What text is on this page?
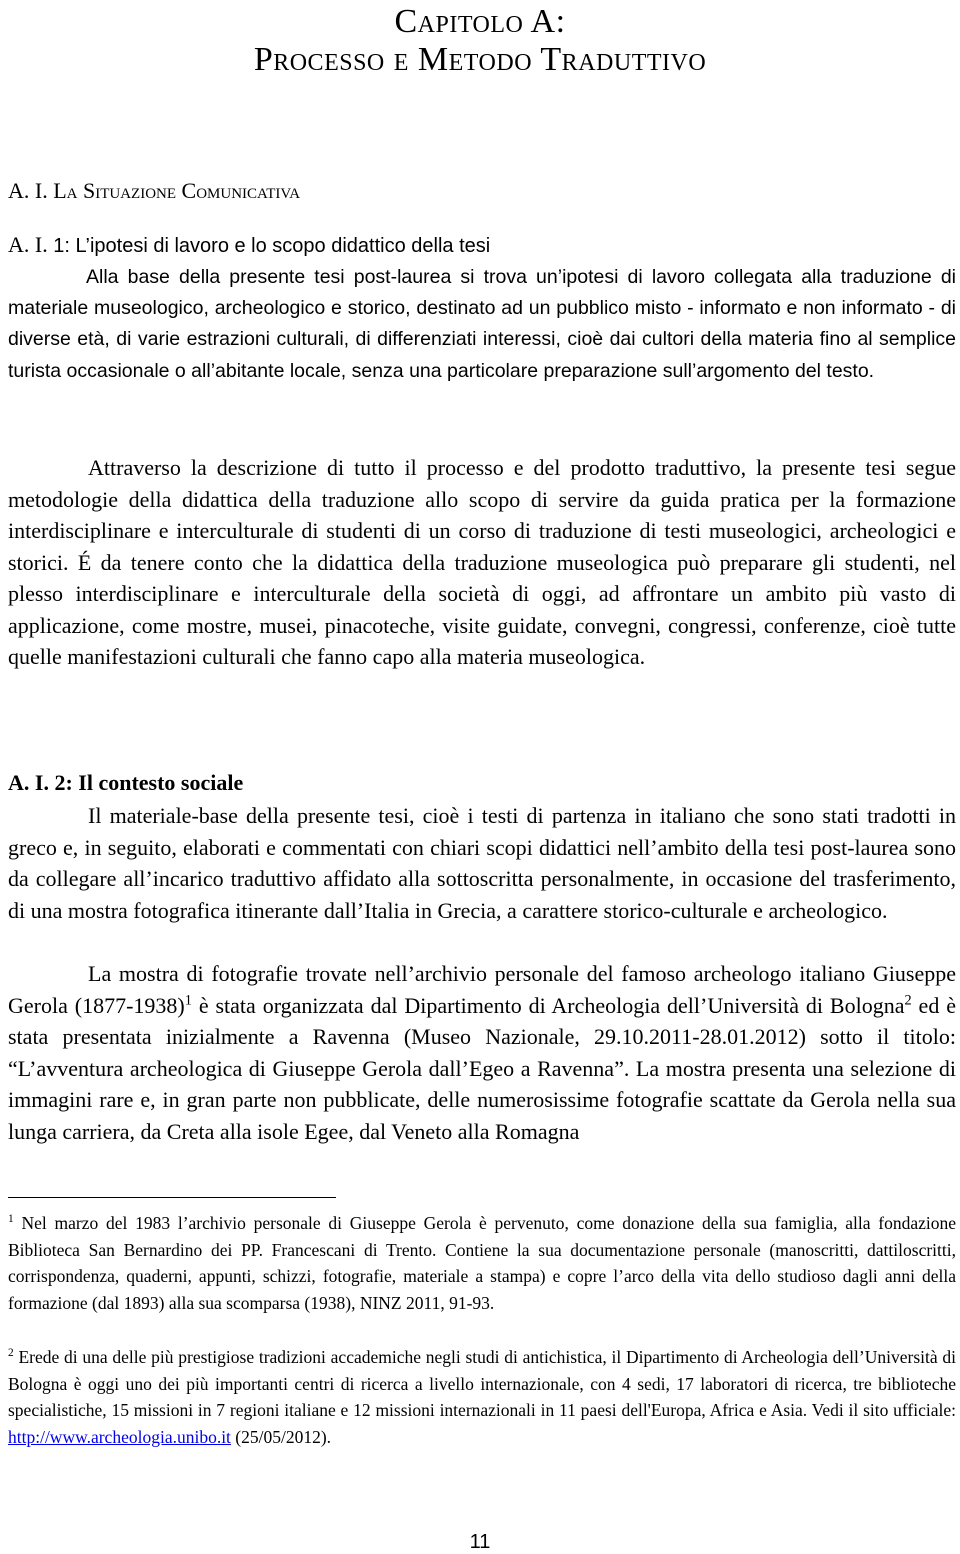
Capitolo A:
Processo e Metodo Traduttivo
A. I. La Situazione Comunicativa
A. I. 1: L’ipotesi di lavoro e lo scopo didattico della tesi
Alla base della presente tesi post-laurea si trova un’ipotesi di lavoro collegata alla traduzione di materiale museologico, archeologico e storico, destinato ad un pubblico misto - informato e non informato - di diverse età, di varie estrazioni culturali, di differenziati interessi, cioè dai cultori della materia fino al semplice turista occasionale o all’abitante locale, senza una particolare preparazione sull’argomento del testo.
Attraverso la descrizione di tutto il processo e del prodotto traduttivo, la presente tesi segue metodologie della didattica della traduzione allo scopo di servire da guida pratica per la formazione interdisciplinare e interculturale di studenti di un corso di traduzione di testi museologici, archeologici e storici. É da tenere conto che la didattica della traduzione museologica può preparare gli studenti, nel plesso interdisciplinare e interculturale della società di oggi, ad affrontare un ambito più vasto di applicazione, come mostre, musei, pinacoteche, visite guidate, convegni, congressi, conferenze, cioè tutte quelle manifestazioni culturali che fanno capo alla materia museologica.
A. I. 2: Il contesto sociale
Il materiale-base della presente tesi, cioè i testi di partenza in italiano che sono stati tradotti in greco e, in seguito, elaborati e commentati con chiari scopi didattici nell’ambito della tesi post-laurea sono da collegare all’incarico traduttivo affidato alla sottoscritta personalmente, in occasione del trasferimento, di una mostra fotografica itinerante dall’Italia in Grecia, a carattere storico-culturale e archeologico.
La mostra di fotografie trovate nell’archivio personale del famoso archeologo italiano Giuseppe Gerola (1877-1938)$^1$ è stata organizzata dal Dipartimento di Archeologia dell’Università di Bologna$^2$ ed è stata presentata inizialmente a Ravenna (Museo Nazionale, 29.10.2011-28.01.2012) sotto il titolo: “L’avventura archeologica di Giuseppe Gerola dall’Egeo a Ravenna”. La mostra presenta una selezione di immagini rare e, in gran parte non pubblicate, delle numerosissime fotografie scattate da Gerola nella sua lunga carriera, da Creta alla isole Egee, dal Veneto alla Romagna
$^1$ Nel marzo del 1983 l’archivio personale di Giuseppe Gerola è pervenuto, come donazione della sua famiglia, alla fondazione Biblioteca San Bernardino dei PP. Francescani di Trento. Contiene la sua documentazione personale (manoscritti, dattiloscritti, corrispondenza, quaderni, appunti, schizzi, fotografie, materiale a stampa) e copre l’arco della vita dello studioso dagli anni della formazione (dal 1893) alla sua scomparsa (1938), NINZ 2011, 91-93.
$^2$ Erede di una delle più prestigiose tradizioni accademiche negli studi di antichistica, il Dipartimento di Archeologia dell’Università di Bologna è oggi uno dei più importanti centri di ricerca a livello internazionale, con 4 sedi, 17 laboratori di ricerca, tre biblioteche specialistiche, 15 missioni in 7 regioni italiane e 12 missioni internazionali in 11 paesi dell'Europa, Africa e Asia. Vedi il sito ufficiale: http://www.archeologia.unibo.it (25/05/2012).
11
